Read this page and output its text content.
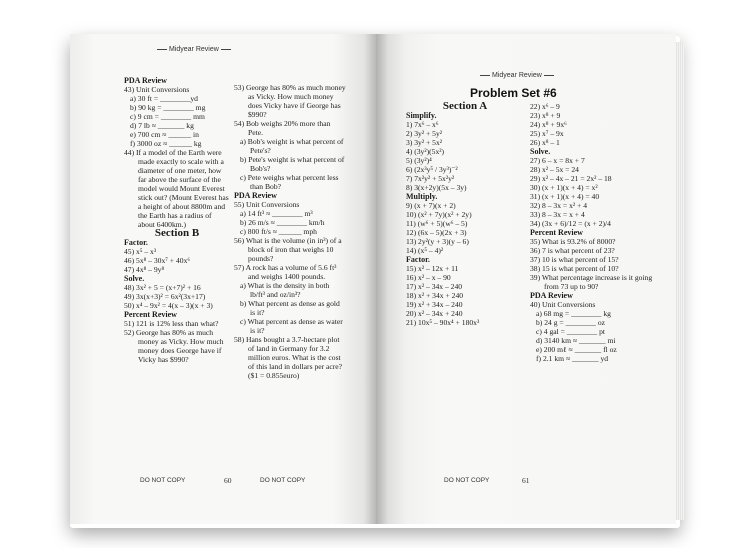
Midyear Review

PDA Review

43) Unit Conversions

a) 30 ft = ________yd

b) 90 kg = ________ mg

c) 9 cm = ________ mm

d) 7 lb ≈ _______ kg

e) 700 cm ≈ ______ in

f) 3000 oz ≈ ______ kg

44) If a model of the Earth were made exactly to scale with a diameter of one meter, how far above the surface of the model would Mount Everest stick out? (Mount Everest has a height of about 8800m and the Earth has a radius of about 6400km.)

Section B

Factor.

45) x⁵ – x³

46) 5x⁸ – 30x⁷ + 40x⁶

47) 4x⁸ – 9y⁸

Solve.

48) 3x² + 5 = (x+7)² + 16

49) 3x(x+3)² = 6x²(3x+17)

50) x⁴ – 9x² = 4(x – 3)(x + 3)

Percent Review

51) 121 is 12% less than what?

52) George has 80% as much money as Vicky. How much money does George have if Vicky has $990?

53) George has 80% as much money as Vicky. How much money does Vicky have if George has $990?

54) Bob weighs 20% more than Pete.

a) Bob's weight is what percent of Pete's?

b) Pete's weight is what percent of Bob's?

c) Pete weighs what percent less than Bob?

PDA Review

55) Unit Conversions

a) 14 ft³ ≈ ________ m³

b) 26 m/s ≈ ________ km/h

c) 800 ft/s ≈ ______ mph

56) What is the volume (in in³) of a block of iron that weighs 10 pounds?

57) A rock has a volume of 5.6 ft³ and weighs 1400 pounds.

a) What is the density in both lb/ft³ and oz/in³?

b) What percent as dense as gold is it?

c) What percent as dense as water is it?

58) Hans bought a 3.7-hectare plot of land in Germany for 3.2 million euros. What is the cost of this land in dollars per acre? ($1 = 0.855euro)

DO NOT COPY	60	DO NOT COPY
Midyear Review
Problem Set #6

Section A

Simplify.

1) 7x⁶ – x⁶

2) 3y² + 5y²

3) 3y² + 5x²

4) (3y²)(5x²)

5) (3y²)⁴

6) (2x³y⁵ / 3y³)⁻²

7) 7x²y² + 5x²y²

8) 3(x+2y)(5x – 3y)

Multiply.

9) (x + 7)(x + 2)

10) (x² + 7y)(x² + 2y)

11) (w⁶ + 5)(w⁶ – 5)

12) (6x – 5)(2x + 3)

13) 2y²(y + 3)(y – 6)

14) (x⁵ – 4)²

Factor.

15) x² – 12x + 11

16) x² – x – 90

17) x² – 34x – 240

18) x² + 34x + 240

19) x² + 34x – 240

20) x² – 34x + 240

21) 10x⁵ – 90x⁴ + 180x³

22) x⁶ – 9

23) x⁸ + 9

24) x⁸ + 9x⁶

25) x⁷ – 9x

26) x⁸ – 1

Solve.

27) 6 – x = 8x + 7

28) x² – 5x = 24

29) x² – 4x – 21 = 2x² – 18

30) (x + 1)(x + 4) = x²

31) (x + 1)(x + 4) = 40

32) 8 – 3x = x² + 4

33) 8 – 3x = x + 4

34) (3x + 6)/12 = (x + 2)/4

Percent Review

35) What is 93.2% of 8000?

36) 7 is what percent of 23?

37) 10 is what percent of 15?

38) 15 is what percent of 10?

39) What percentage increase is it going from 73 up to 90?

PDA Review

40) Unit Conversions

a) 68 mg = ________ kg

b) 24 g = ________ oz

c) 4 gal = ________ pt

d) 3140 km ≈ _______ mi

e) 200 mℓ ≈ _______ fl oz

f) 2.1 km ≈ _______ yd

DO NOT COPY	61
